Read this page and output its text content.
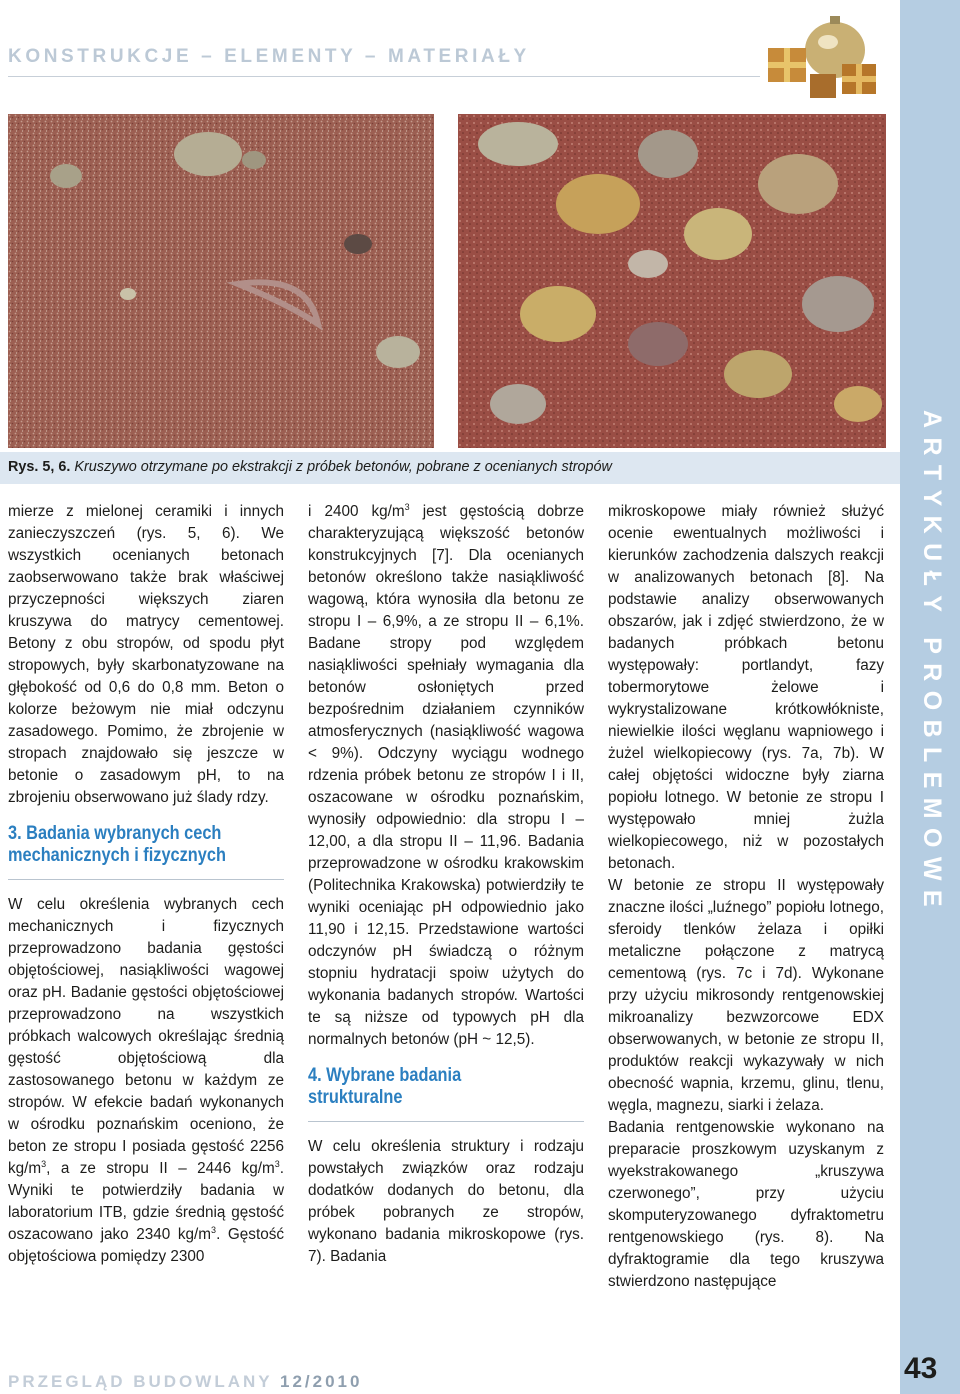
KONSTRUKCJE – ELEMENTY – MATERIAŁY
ARTYKUŁY PROBLEMOWE
Rys. 5, 6. Kruszywo otrzymane po ekstrakcji z próbek betonów, pobrane z ocenianych stropów

mierze z mielonej ceramiki i innych zanieczyszczeń (rys. 5, 6). We wszystkich ocenianych betonach zaobserwowano także brak właściwej przyczepności większych ziaren kruszywa do matrycy cementowej. Betony z obu stropów, od spodu płyt stropowych, były skarbonatyzowane na głębokość od 0,6 do 0,8 mm. Beton o kolorze beżowym nie miał odczynu zasadowego. Pomimo, że zbrojenie w stropach znajdowało się jeszcze w betonie o zasadowym pH, to na zbrojeniu obserwowano już ślady rdzy.

3. Badania wybranych cech
mechanicznych i fizycznych

W celu określenia wybranych cech mechanicznych i fizycznych przeprowadzono badania gęstości objętościowej, nasiąkliwości wagowej oraz pH. Badanie gęstości objętościowej przeprowadzono na wszystkich próbkach walcowych określając średnią gęstość objętościową dla zastosowanego betonu w każdym ze stropów. W efekcie badań wykonanych w ośrodku poznańskim oceniono, że beton ze stropu I posiada gęstość 2256 $kg/m^3$, a ze stropu II – 2446 $kg/m^3$. Wyniki te potwierdziły badania w laboratorium ITB, gdzie średnią gęstość oszacowano jako 2340 $kg/m^3$. Gęstość objętościowa pomiędzy 2300

i 2400 $kg/m^3$ jest gęstością dobrze charakteryzującą większość betonów konstrukcyjnych [7]. Dla ocenianych betonów określono także nasiąkliwość wagową, która wynosiła dla betonu ze stropu I – 6,9%, a ze stropu II – 6,1%. Badane stropy pod względem nasiąkliwości spełniały wymagania dla betonów osłoniętych przed bezpośrednim działaniem czynników atmosferycznych (nasiąkliwość wagowa < 9%). Odczyny wyciągu wodnego rdzenia próbek betonu ze stropów I i II, oszacowane w ośrodku poznańskim, wynosiły odpowiednio: dla stropu I – 12,00, a dla stropu II – 11,96. Badania przeprowadzone w ośrodku krakowskim (Politechnika Krakowska) potwierdziły te wyniki oceniając pH odpowiednio jako 11,90 i 12,15. Przedstawione wartości odczynów pH świadczą o różnym stopniu hydratacji spoiw użytych do wykonania badanych stropów. Wartości te są niższe od typowych pH dla normalnych betonów (pH ~ 12,5).

4. Wybrane badania
strukturalne

W celu określenia struktury i rodzaju powstałych związków oraz rodzaju dodatków dodanych do betonu, dla próbek pobranych ze stropów, wykonano badania mikroskopowe (rys. 7). Badania

mikroskopowe miały również służyć ocenie ewentualnych możliwości i kierunków zachodzenia dalszych reakcji w analizowanych betonach [8]. Na podstawie analizy obserwowanych obszarów, jak i zdjęć stwierdzono, że w badanych próbkach betonu występowały: portlandyt, fazy tobermorytowe żelowe i wykrystalizowane krótkowłókniste, niewielkie ilości węglanu wapniowego i żużel wielkopiecowy (rys. 7a, 7b). W całej objętości widoczne były ziarna popiołu lotnego. W betonie ze stropu I występowało mniej żużla wielkopiecowego, niż w pozostałych betonach.

W betonie ze stropu II występowały znaczne ilości „luźnego” popiołu lotnego, sferoidy tlenków żelaza i opiłki metaliczne połączone z matrycą cementową (rys. 7c i 7d). Wykonane przy użyciu mikrosondy rentgenowskiej mikroanalizy bezwzorcowe EDX obserwowanych, w betonie ze stropu II, produktów reakcji wykazywały w nich obecność wapnia, krzemu, glinu, tlenu, węgla, magnezu, siarki i żelaza.

Badania rentgenowskie wykonano na preparacie proszkowym uzyskanym z wyekstrakowanego „kruszywa czerwonego”, przy użyciu skomputeryzowanego dyfraktometru rentgenowskiego (rys. 8). Na dyfraktogramie dla tego kruszywa stwierdzono następujące

PRZEGLĄD BUDOWLANY 12/2010	43
